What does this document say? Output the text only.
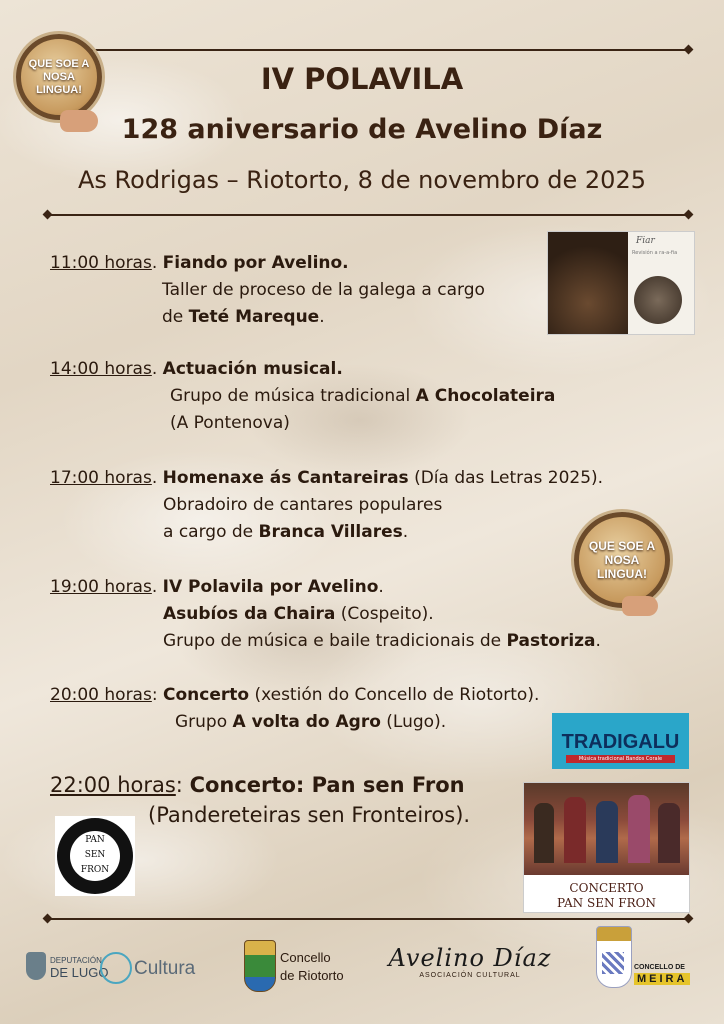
QUE SOE A NOSA LINGUA!	IV POLAVILA
128 aniversario de Avelino Díaz
As Rodrigas – Riotorto, 8 de novembro de 2025
11:00 horas. Fiando por Avelino.
Taller de proceso de la galega a cargo
de Teté Mareque.
Fiar
Revisión a ra-a-fia
14:00 horas. Actuación musical.
Grupo de música tradicional A Chocolateira
(A Pontenova)
17:00 horas. Homenaxe ás Cantareiras (Día das Letras 2025).
Obradoiro de cantares populares
a cargo de Branca Villares.
QUE SOE A NOSA LINGUA!
19:00 horas. IV Polavila por Avelino.
Asubíos da Chaira (Cospeito).
Grupo de música e baile tradicionais de Pastoriza.
20:00 horas: Concerto (xestión do Concello de Riotorto).
Grupo A volta do Agro (Lugo).
TRADIGALU
Música tradicional Bandos Corale
22:00 horas: Concerto: Pan sen Fron
(Pandereteiras sen Fronteiros).
PAN
SEN
FRON
CONCERTO
PAN SEN FRON
DEPUTACIÓN
DE LUGO Cultura
Concello
de Riotorto
Avelino Díaz
ASOCIACIÓN CULTURAL
CONCELLO DE
MEIRA
